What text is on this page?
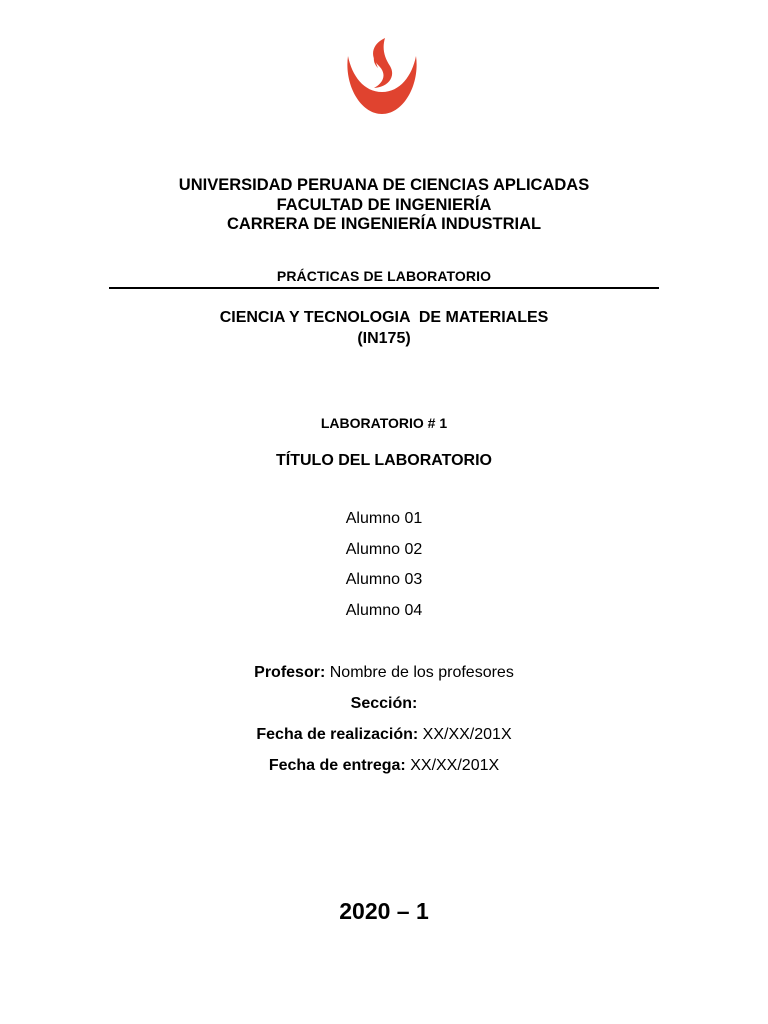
UNIVERSIDAD PERUANA DE CIENCIAS APLICADAS
FACULTAD DE INGENIERÍA
CARRERA DE INGENIERÍA INDUSTRIAL
PRÁCTICAS DE LABORATORIO
CIENCIA Y TECNOLOGIA  DE MATERIALES
(IN175)
LABORATORIO # 1
TÍTULO DEL LABORATORIO
Alumno 01
Alumno 02
Alumno 03
Alumno 04
Profesor: Nombre de los profesores
Sección:
Fecha de realización: XX/XX/201X
Fecha de entrega: XX/XX/201X
2020 – 1
